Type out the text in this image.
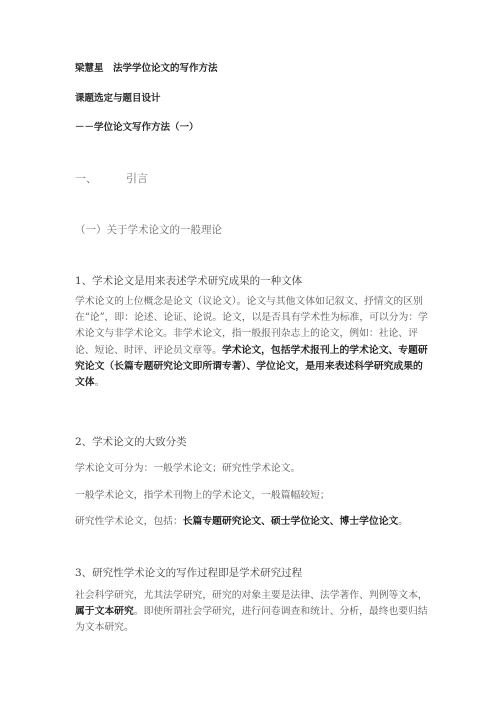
梁慧星　法学学位论文的写作方法
课题选定与题目设计
－－学位论文写作方法（一）
一、	引言
（一）关于学术论文的一般理论
1、学术论文是用来表述学术研究成果的一种文体
学术论文的上位概念是论文（议论文）。论文与其他文体如记叙文、抒情文的区别在“论”，即：论述、论证、论说。论文，以是否具有学术性为标准，可以分为：学术论文与非学术论文。非学术论文，指一般报刊杂志上的论文，例如：社论、评论、短论、时评、评论员文章等。学术论文，包括学术报刊上的学术论文、专题研究论文（长篇专题研究论文即所谓专著）、学位论文，是用来表述科学研究成果的文体。
2、学术论文的大致分类
学术论文可分为：一般学术论文；研究性学术论文。
一般学术论文，指学术刊物上的学术论文，一般篇幅较短；
研究性学术论文，包括：长篇专题研究论文、硕士学位论文、博士学位论文。
3、研究性学术论文的写作过程即是学术研究过程
社会科学研究，尤其法学研究，研究的对象主要是法律、法学著作、判例等文本，属于文本研究。即使所谓社会学研究，进行问卷调查和统计、分析，最终也要归结为文本研究。
